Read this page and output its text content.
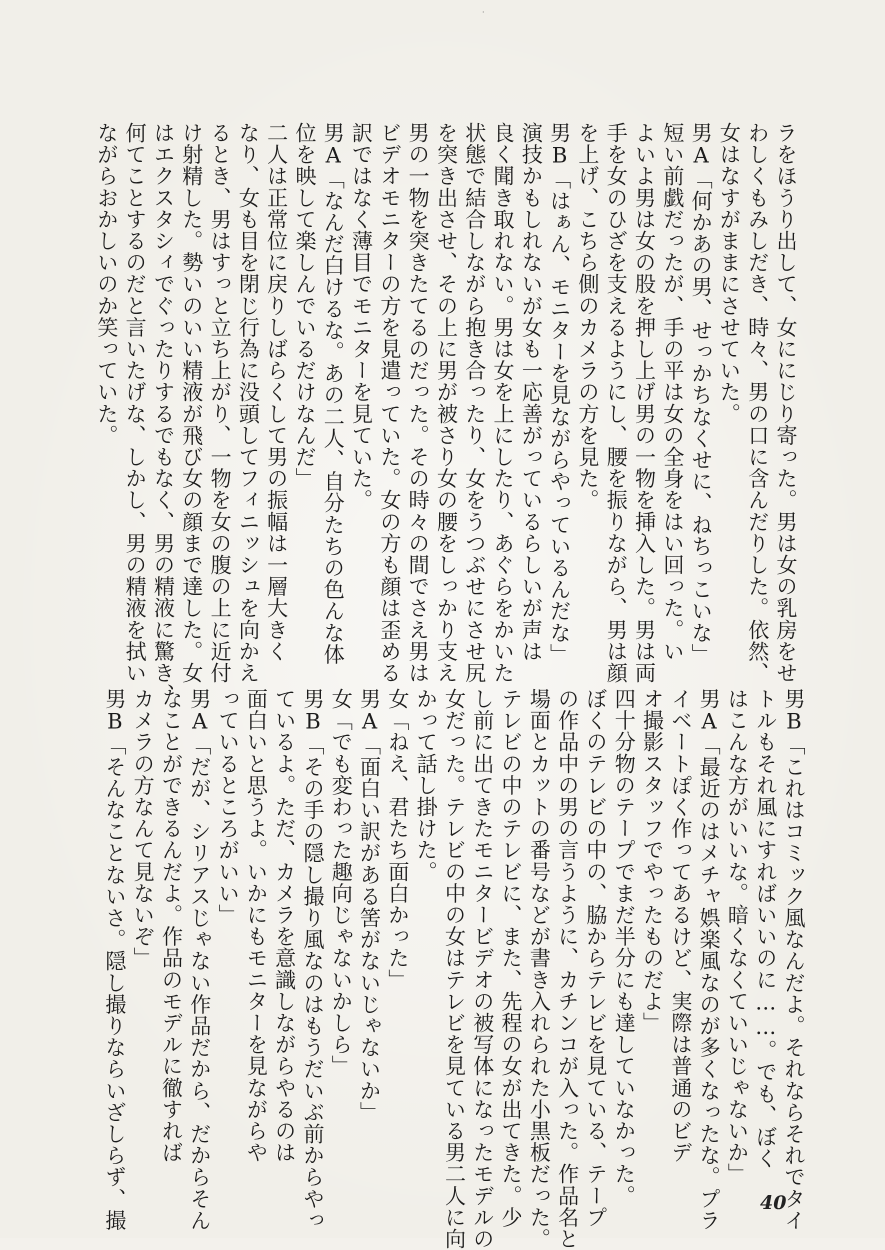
·
ラをほうり出して、女ににじり寄った。男は女の乳房をせ
わしくもみしだき、時々、男の口に含んだりした。依然、
女はなすがままにさせていた。
男A「何かあの男、せっかちなくせに、ねちっこいな」
短い前戯だったが、手の平は女の全身をはい回った。い
よいよ男は女の股を押し上げ男の一物を挿入した。男は両
手を女のひざを支えるようにし、腰を振りながら、男は顔
を上げ、こちら側のカメラの方を見た。
男B「はぁん、モニターを見ながらやっているんだな」
演技かもしれないが女も一応善がっているらしいが声は
良く聞き取れない。男は女を上にしたり、あぐらをかいた
状態で結合しながら抱き合ったり、女をうつぶせにさせ尻
を突き出させ、その上に男が被さり女の腰をしっかり支え
男の一物を突きたてるのだった。その時々の間でさえ男は
ビデオモニターの方を見遣っていた。女の方も顔は歪める
訳ではなく薄目でモニターを見ていた。
男A「なんだ白けるな。あの二人、自分たちの色んな体
位を映して楽しんでいるだけなんだ」
二人は正常位に戻りしばらくして男の振幅は一層大きく
なり、女も目を閉じ行為に没頭してフィニッシュを向かえ
るとき、男はすっと立ち上がり、一物を女の腹の上に近付
け射精した。勢いのいい精液が飛び女の顔まで達した。女
はエクスタシィでぐったりするでもなく、男の精液に驚き、
何てことするのだと言いたげな、しかし、男の精液を拭い
ながらおかしいのか笑っていた。
男B「これはコミック風なんだよ。それならそれでタイ
トルもそれ風にすればいいのに……。でも、ぼく
はこんな方がいいな。暗くなくていいじゃないか」
男A「最近のはメチャ娯楽風なのが多くなったな。プラ
イベートぽく作ってあるけど、実際は普通のビデ
オ撮影スタッフでやったものだよ」
四十分物のテープでまだ半分にも達していなかった。
ぼくのテレビの中の、脇からテレビを見ている、テープ
の作品中の男の言うように、カチンコが入った。作品名と
場面とカットの番号などが書き入れられた小黒板だった。
テレビの中のテレビに、また、先程の女が出てきた。少
し前に出てきたモニタービデオの被写体になったモデルの
女だった。テレビの中の女はテレビを見ている男二人に向
かって話し掛けた。
女「ねえ、君たち面白かった」
男A「面白い訳がある筈がないじゃないか」
女「でも変わった趣向じゃないかしら」
男B「その手の隠し撮り風なのはもうだいぶ前からやっ
ているよ。ただ、カメラを意識しながらやるのは
面白いと思うよ。いかにもモニターを見ながらや
っているところがいい」
男A「だが、シリアスじゃない作品だから、だからそん
なことができるんだよ。作品のモデルに徹すれば
カメラの方なんて見ないぞ」
男B「そんなことないさ。隠し撮りならいざしらず、撮	40
